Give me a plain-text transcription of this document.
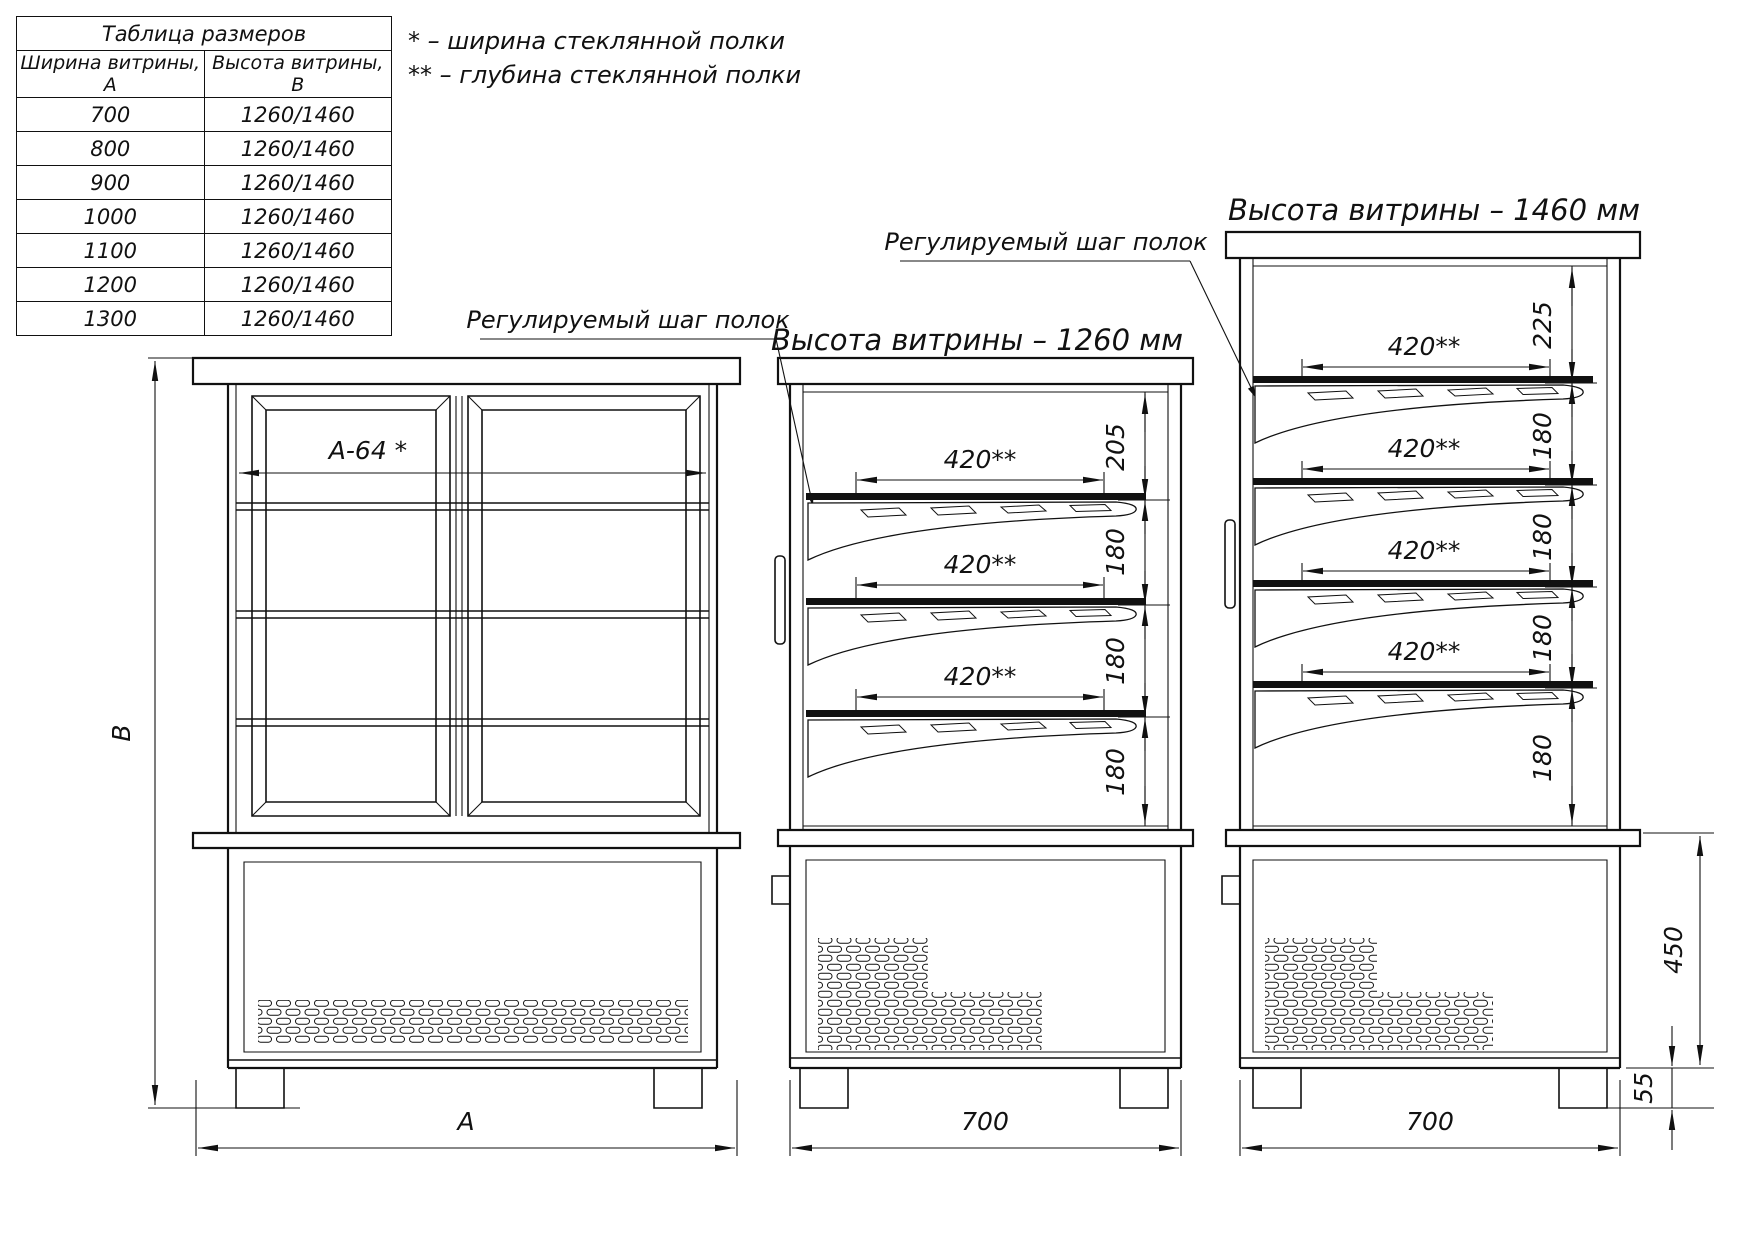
В
А-64 *
А
Высота витрины – 1260 мм
Регулируемый шаг полок
420**
420**
420**
205
180
180
180
700
Высота витрины – 1460 мм
Регулируемый шаг полок
420**
420**
420**
420**
225
180
180
180
180
700
450
55
Таблица размеров	
Ширина витрины, А	Высота витрины, В
700	1260/1460
800	1260/1460
900	1260/1460
1000	1260/1460
1100	1260/1460
1200	1260/1460
1300	1260/1460
* – ширина стеклянной полки
** – глубина стеклянной полки
